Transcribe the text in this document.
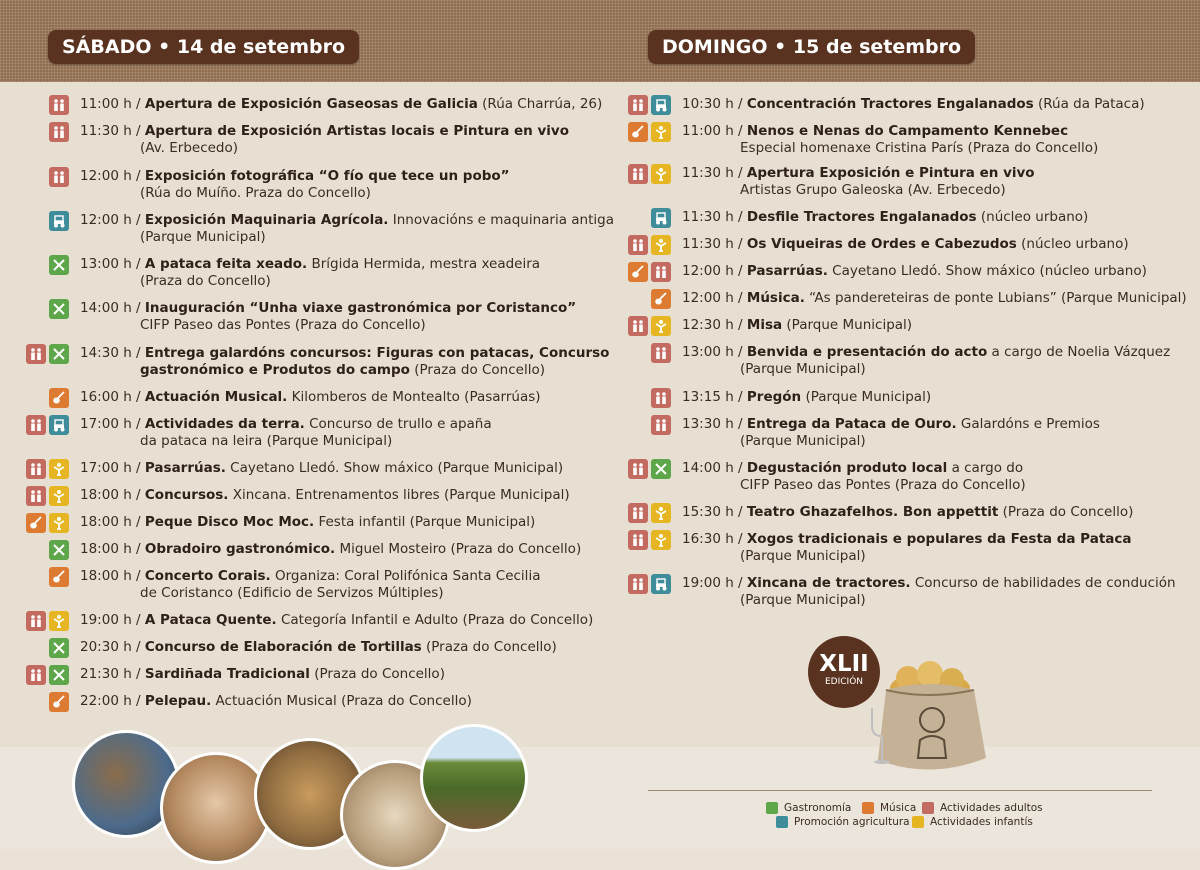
SÁBADO • 14 de setembro	DOMINGO • 15 de setembro
11:00 h / Apertura de Exposición Gaseosas de Galicia (Rúa Charrúa, 26)
11:30 h / Apertura de Exposición Artistas locais e Pintura en vivo
(Av. Erbecedo)
12:00 h / Exposición fotográfica “O fío que tece un pobo”
(Rúa do Muíño. Praza do Concello)
12:00 h / Exposición Maquinaria Agrícola. Innovacións e maquinaria antiga
(Parque Municipal)
13:00 h / A pataca feita xeado. Brígida Hermida, mestra xeadeira
(Praza do Concello)
14:00 h / Inauguración “Unha viaxe gastronómica por Coristanco”
CIFP Paseo das Pontes (Praza do Concello)
14:30 h / Entrega galardóns concursos: Figuras con patacas, Concurso
gastronómico e Produtos do campo (Praza do Concello)
16:00 h / Actuación Musical. Kilomberos de Montealto (Pasarrúas)
17:00 h / Actividades da terra. Concurso de trullo e apaña
da pataca na leira (Parque Municipal)
17:00 h / Pasarrúas. Cayetano Lledó. Show máxico (Parque Municipal)
18:00 h / Concursos. Xincana. Entrenamentos libres (Parque Municipal)
18:00 h / Peque Disco Moc Moc. Festa infantil (Parque Municipal)
18:00 h / Obradoiro gastronómico. Miguel Mosteiro (Praza do Concello)
18:00 h / Concerto Corais. Organiza: Coral Polifónica Santa Cecilia
de Coristanco (Edificio de Servizos Múltiples)
19:00 h / A Pataca Quente. Categoría Infantil e Adulto (Praza do Concello)
20:30 h / Concurso de Elaboración de Tortillas (Praza do Concello)
21:30 h / Sardiñada Tradicional (Praza do Concello)
22:00 h / Pelepau. Actuación Musical (Praza do Concello)
10:30 h / Concentración Tractores Engalanados (Rúa da Pataca)
11:00 h / Nenos e Nenas do Campamento Kennebec
Especial homenaxe Cristina París (Praza do Concello)
11:30 h / Apertura Exposición e Pintura en vivo
Artistas Grupo Galeoska (Av. Erbecedo)
11:30 h / Desfile Tractores Engalanados (núcleo urbano)
11:30 h / Os Viqueiras de Ordes e Cabezudos (núcleo urbano)
12:00 h / Pasarrúas. Cayetano Lledó. Show máxico (núcleo urbano)
12:00 h / Música. “As pandereteiras de ponte Lubians” (Parque Municipal)
12:30 h / Misa (Parque Municipal)
13:00 h / Benvida e presentación do acto a cargo de Noelia Vázquez
(Parque Municipal)
13:15 h / Pregón (Parque Municipal)
13:30 h / Entrega da Pataca de Ouro. Galardóns e Premios
(Parque Municipal)
14:00 h / Degustación produto local a cargo do
CIFP Paseo das Pontes (Praza do Concello)
15:30 h / Teatro Ghazafelhos. Bon appettit (Praza do Concello)
16:30 h / Xogos tradicionais e populares da Festa da Pataca
(Parque Municipal)
19:00 h / Xincana de tractores. Concurso de habilidades de condución
(Parque Municipal)
XLII
EDICIÓN
Gastronomía	Música Actividades adultos
Promoción agricultura Actividades infantís
